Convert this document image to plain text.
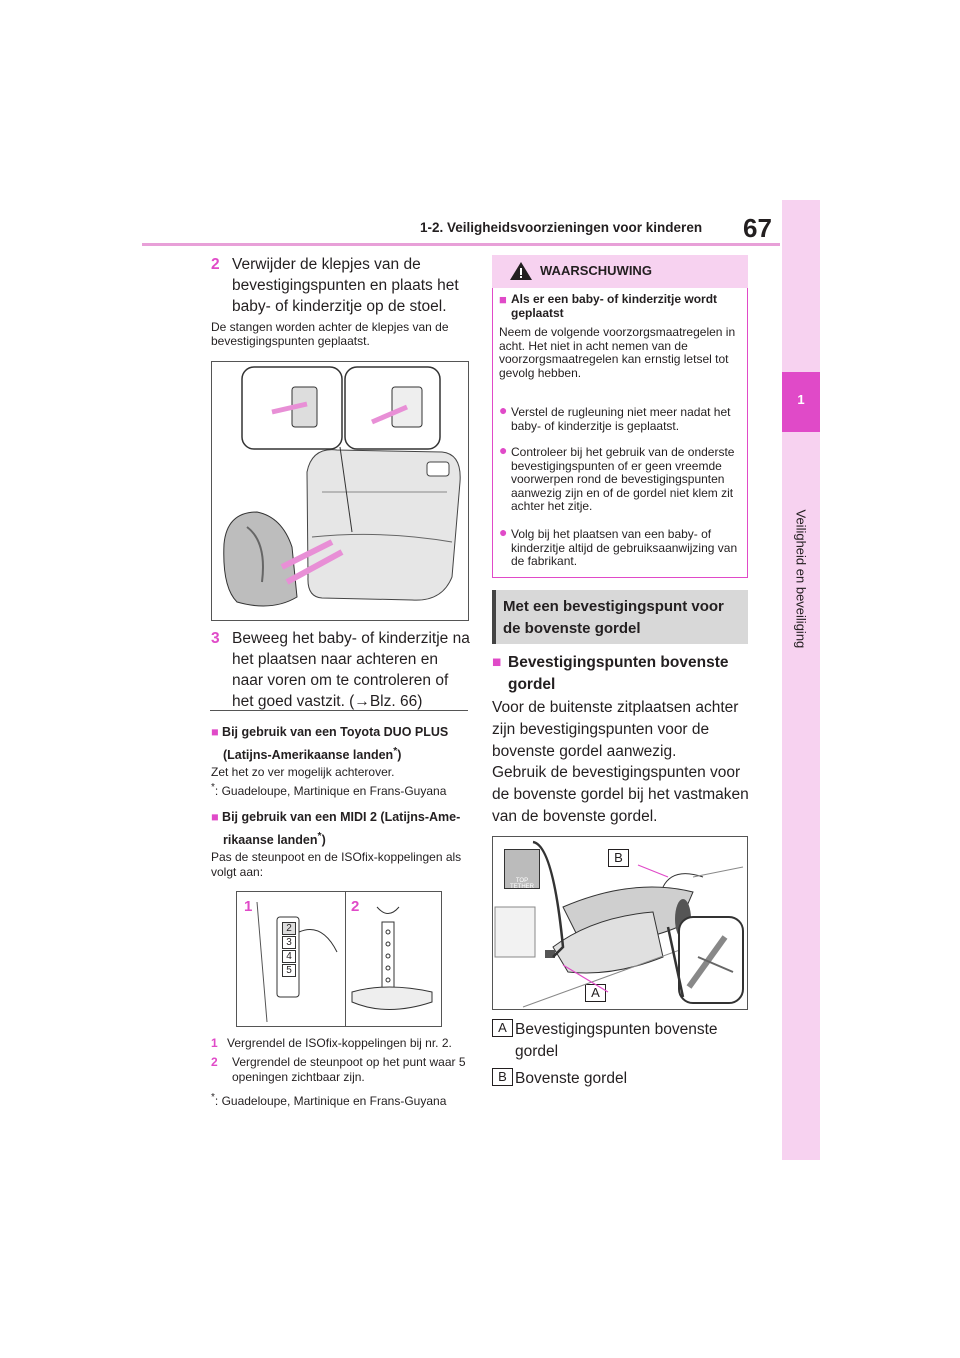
1-2. Veiligheidsvoorzieningen voor kinderen 67
1
Veiligheid en beveiliging
2 Verwijder de klepjes van de bevestigingspunten en plaats het baby- of kinderzitje op de stoel.
De stangen worden achter de klepjes van de bevestigingspunten geplaatst.
3 Beweeg het baby- of kinderzitje na het plaatsen naar achteren en naar voren om te controleren of het goed vastzit. (→Blz. 66)
■ Bij gebruik van een Toyota DUO PLUS
(Latijns-Amerikaanse landen*)
Zet het zo ver mogelijk achterover.
*: Guadeloupe, Martinique en Frans-Guyana
■ Bij gebruik van een MIDI 2 (Latijns-Ame-
rikaanse landen*)
Pas de steunpoot en de ISOfix-koppelingen als volgt aan:
1	2
2
3
4
5
1 Vergrendel de ISOfix-koppelingen bij nr. 2.
2	Vergrendel de steunpoot op het punt waar 5 openingen zichtbaar zijn.
*: Guadeloupe, Martinique en Frans-Guyana
WAARSCHUWING
■ Als er een baby- of kinderzitje wordt geplaatst
Neem de volgende voorzorgsmaatregelen in acht. Het niet in acht nemen van de voorzorgsmaatregelen kan ernstig letsel tot gevolg hebben.
● Verstel de rugleuning niet meer nadat het baby- of kinderzitje is geplaatst.
● Controleer bij het gebruik van de onderste bevestigingspunten of er geen vreemde voorwerpen rond de bevestigingspunten aanwezig zijn en of de gordel niet klem zit achter het zitje.
● Volg bij het plaatsen van een baby- of kinderzitje altijd de gebruiksaanwijzing van de fabrikant.
Met een bevestigingspunt voor de bovenste gordel
■ Bevestigingspunten bovenste gordel
Voor de buitenste zitplaatsen achter zijn bevestigingspunten voor de bovenste gordel aanwezig.
Gebruik de bevestigingspunten voor de bovenste gordel bij het vastmaken van de bovenste gordel.
TOP TETHER
B
A
A Bevestigingspunten bovenste gordel
B Bovenste gordel
